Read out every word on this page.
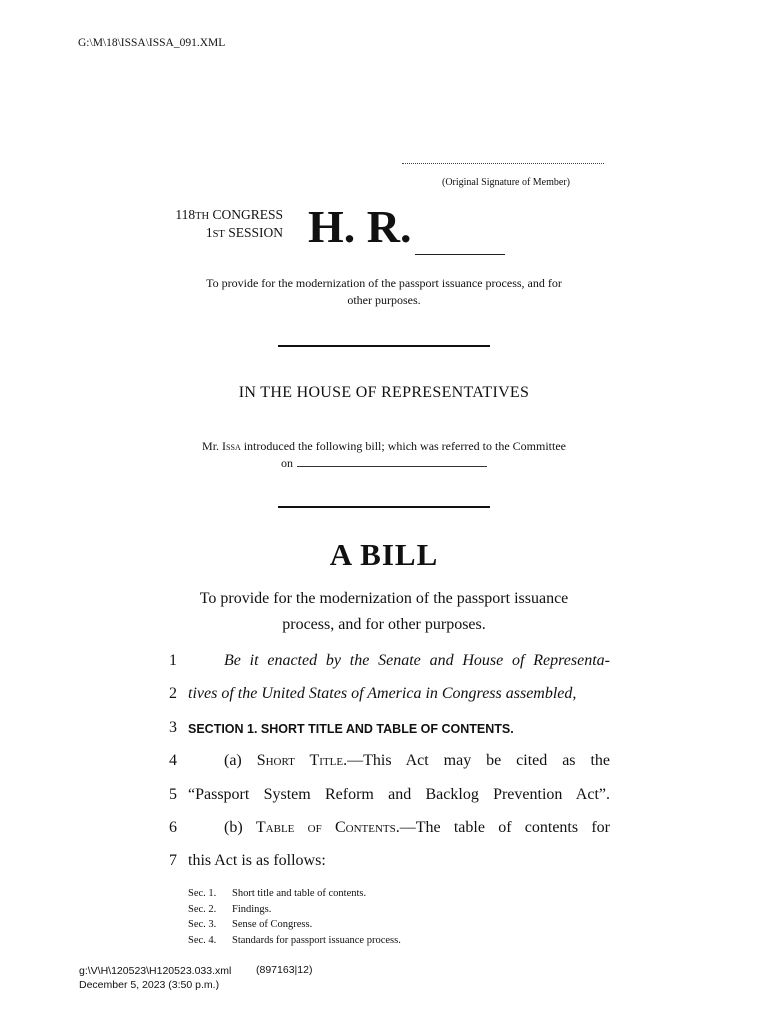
G:\M\18\ISSA\ISSA_091.XML
(Original Signature of Member)
118TH CONGRESS
1ST SESSION H. R.
To provide for the modernization of the passport issuance process, and for
other purposes.
IN THE HOUSE OF REPRESENTATIVES
Mr. Issa introduced the following bill; which was referred to the Committee
on
A BILL
To provide for the modernization of the passport issuance
process, and for other purposes.
1	Be it enacted by the Senate and House of Representa-
2 tives of the United States of America in Congress assembled,
3 SECTION 1. SHORT TITLE AND TABLE OF CONTENTS.
4	(a) Short Title.—This Act may be cited as the
5 “Passport System Reform and Backlog Prevention Act”.
6	(b) Table of Contents.—The table of contents for
7 this Act is as follows:
Sec. 1. Short title and table of contents.
Sec. 2. Findings.
Sec. 3. Sense of Congress.
Sec. 4. Standards for passport issuance process.
g:\V\H\120523\H120523.033.xml (897163|12)
December 5, 2023 (3:50 p.m.)
